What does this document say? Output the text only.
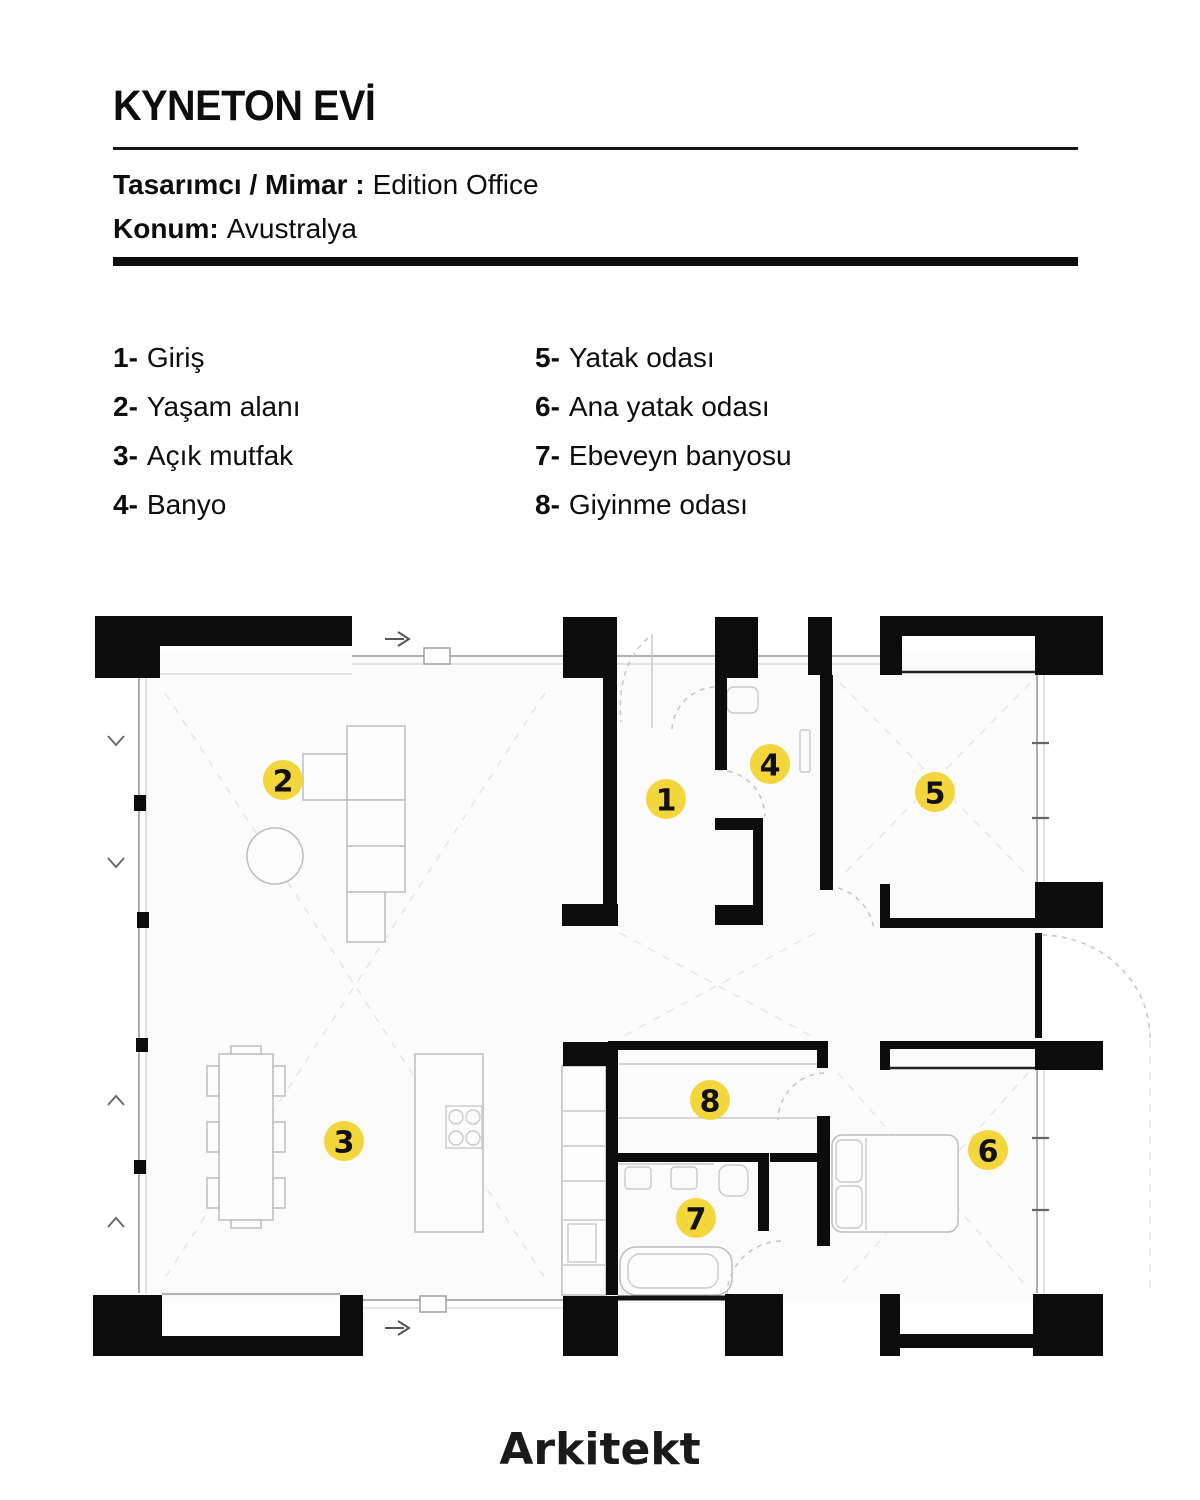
KYNETON EVİ
Tasarımcı / Mimar : Edition Office
Konum: Avustralya
1- Giriş
2- Yaşam alanı
3- Açık mutfak
4- Banyo
5- Yatak odası
6- Ana yatak odası
7- Ebeveyn banyosu
8- Giyinme odası
1
2
3
4
5
6
7
8
Arkitekt
